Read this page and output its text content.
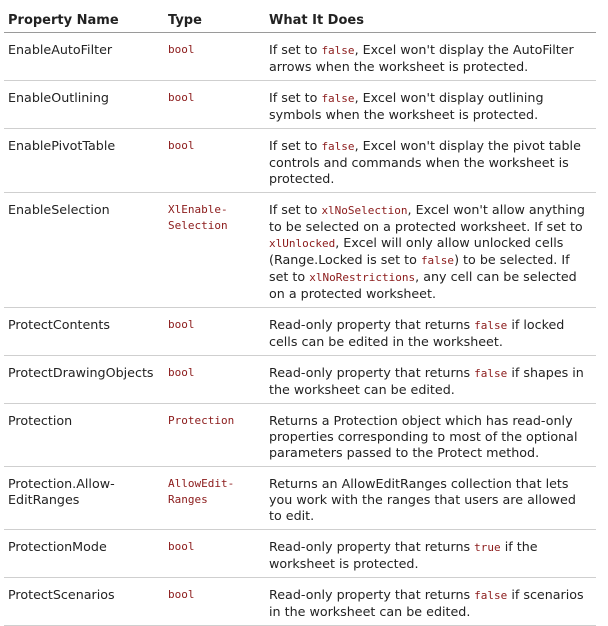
Property Name	Type	What It Does
EnableAutoFilter	bool	If set to false, Excel won't display the AutoFilter arrows when the worksheet is protected.
EnableOutlining	bool	If set to false, Excel won't display outlining symbols when the worksheet is protected.
EnablePivotTable	bool	If set to false, Excel won't display the pivot table controls and commands when the worksheet is protected.
EnableSelection	XlEnable-Selection	If set to xlNoSelection, Excel won't allow anything to be selected on a protected worksheet. If set to xlUnlocked, Excel will only allow unlocked cells (Range.Locked is set to false) to be selected. If set to xlNoRestrictions, any cell can be selected on a protected worksheet.
ProtectContents	bool	Read-only property that returns false if locked cells can be edited in the worksheet.
ProtectDrawingObjects	bool	Read-only property that returns false if shapes in the worksheet can be edited.
Protection	Protection	Returns a Protection object which has read-only properties corresponding to most of the optional parameters passed to the Protect method.
Protection.Allow-EditRanges	AllowEdit-Ranges	Returns an AllowEditRanges collection that lets you work with the ranges that users are allowed to edit.
ProtectionMode	bool	Read-only property that returns true if the worksheet is protected.
ProtectScenarios	bool	Read-only property that returns false if scenarios in the worksheet can be edited.
